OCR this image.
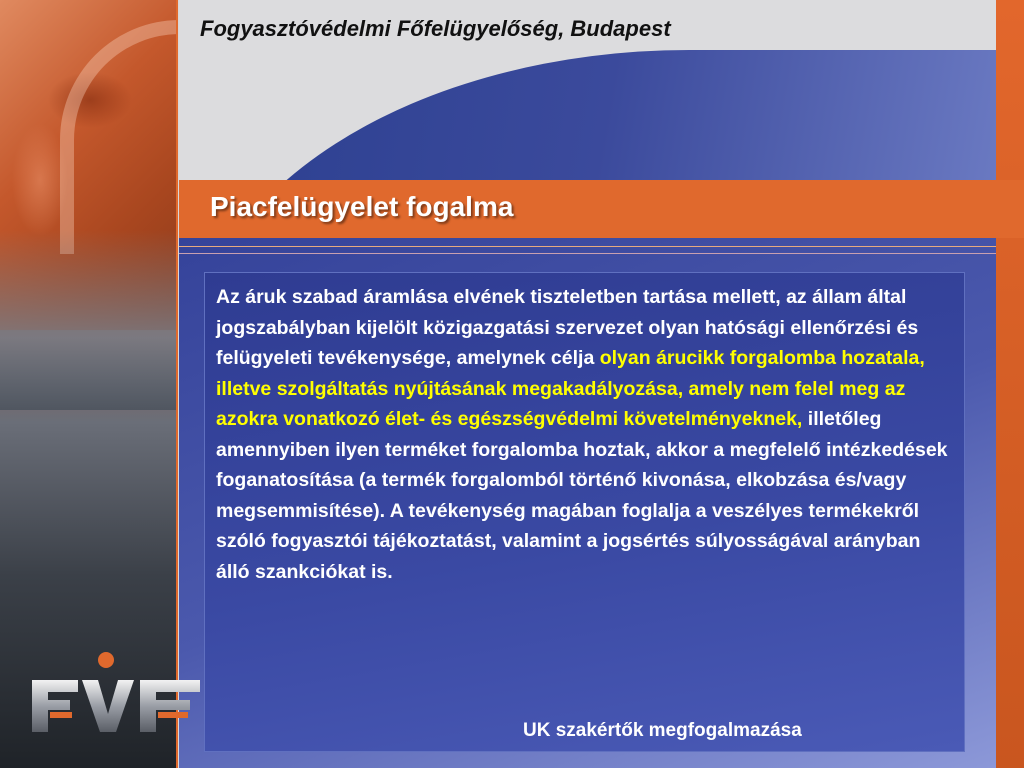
Fogyasztóvédelmi Főfelügyelőség, Budapest

Piacfelügyelet fogalma

Az áruk szabad áramlása elvének tiszteletben tartása mellett, az állam által jogszabályban kijelölt közigazgatási szervezet olyan hatósági ellenőrzési és felügyeleti tevékenysége, amelynek célja olyan árucikk forgalomba hozatala, illetve szolgáltatás nyújtásának megakadályozása, amely nem felel meg az azokra vonatkozó élet- és egészségvédelmi követelményeknek, illetőleg amennyiben ilyen terméket forgalomba hoztak, akkor a megfelelő intézkedések foganatosítása (a termék forgalomból történő kivonása, elkobzása és/vagy megsemmisítése). A tevékenység magában foglalja a veszélyes termékekről szóló fogyasztói tájékoztatást, valamint a jogsértés súlyosságával arányban álló szankciókat is.

UK szakértők megfogalmazása
